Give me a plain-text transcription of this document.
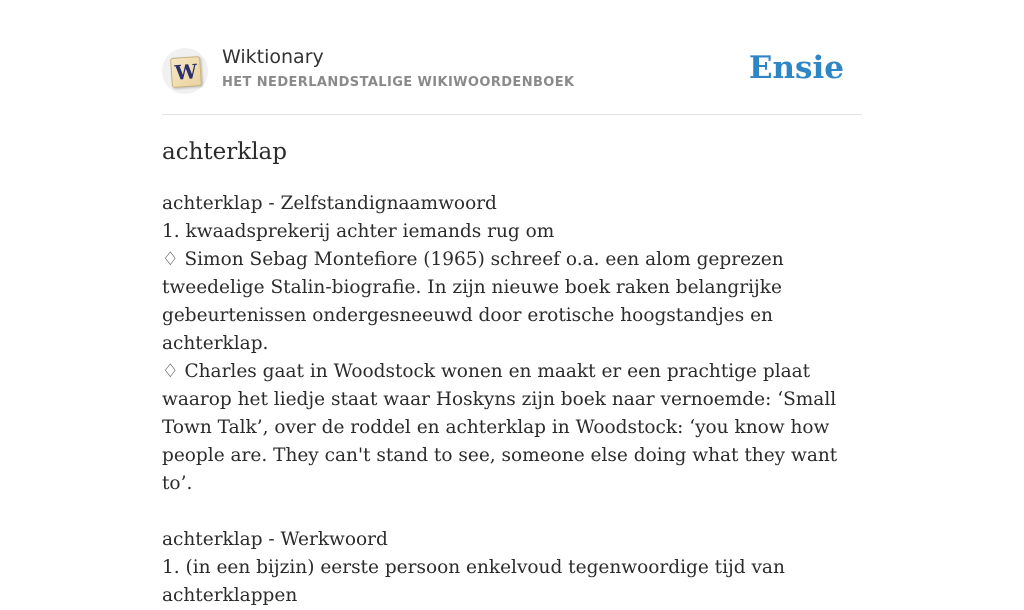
W
Wiktionary
HET NEDERLANDSTALIGE WIKIWOORDENBOEK	Ensie
achterklap

achterklap - Zelfstandignaamwoord

1. kwaadsprekerij achter iemands rug om

♢ Simon Sebag Montefiore (1965) schreef o.a. een alom geprezen tweedelige Stalin-biografie. In zijn nieuwe boek raken belangrijke gebeurtenissen ondergesneeuwd door erotische hoogstandjes en achterklap.

♢ Charles gaat in Woodstock wonen en maakt er een prachtige plaat waarop het liedje staat waar Hoskyns zijn boek naar vernoemde: ‘Small Town Talk’, over de roddel en achterklap in Woodstock: ‘you know how people are. They can't stand to see, someone else doing what they want to’.

achterklap - Werkwoord

1. (in een bijzin) eerste persoon enkelvoud tegenwoordige tijd van achterklappen
